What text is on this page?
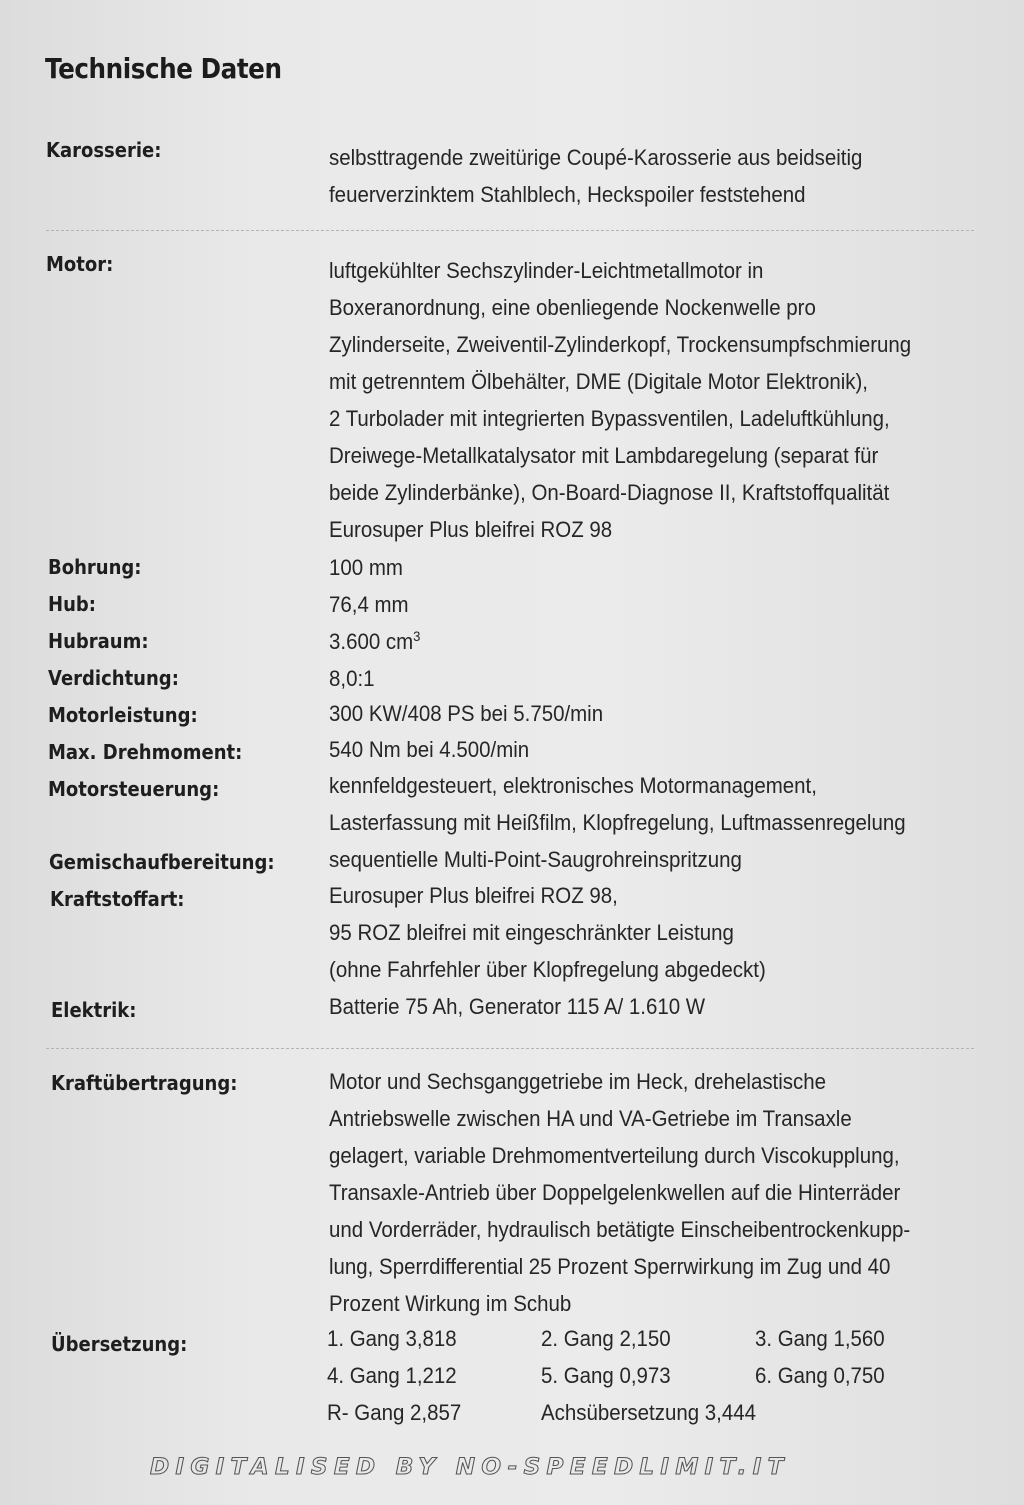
Technische Daten
Karosserie:	selbsttragende zweitürige Coupé-Karosserie aus beidseitig
feuerverzinktem Stahlblech, Heckspoiler feststehend
Motor:	luftgekühlter Sechszylinder-Leichtmetallmotor in
Boxeranordnung, eine obenliegende Nockenwelle pro
Zylinderseite, Zweiventil-Zylinderkopf, Trockensumpfschmierung
mit getrenntem Ölbehälter, DME (Digitale Motor Elektronik),
2 Turbolader mit integrierten Bypassventilen, Ladeluftkühlung,
Dreiwege-Metallkatalysator mit Lambdaregelung (separat für
beide Zylinderbänke), On-Board-Diagnose II, Kraftstoffqualität
Eurosuper Plus bleifrei ROZ 98
Bohrung:	100 mm
Hub:	76,4 mm
Hubraum:	3.600 $cm^3$
Verdichtung:	8,0:1
Motorleistung:	300 KW/408 PS bei 5.750/min
Max. Drehmoment:	540 Nm bei 4.500/min
Motorsteuerung:	kennfeldgesteuert, elektronisches Motormanagement,
Lasterfassung mit Heißfilm, Klopfregelung, Luftmassenregelung
Gemischaufbereitung: sequentielle Multi-Point-Saugrohreinspritzung
Kraftstoffart:	Eurosuper Plus bleifrei ROZ 98,
95 ROZ bleifrei mit eingeschränkter Leistung
(ohne Fahrfehler über Klopfregelung abgedeckt)
Elektrik:	Batterie 75 Ah, Generator 115 A/ 1.610 W
Kraftübertragung:	Motor und Sechsganggetriebe im Heck, drehelastische
Antriebswelle zwischen HA und VA-Getriebe im Transaxle
gelagert, variable Drehmomentverteilung durch Viscokupplung,
Transaxle-Antrieb über Doppelgelenkwellen auf die Hinterräder
und Vorderräder, hydraulisch betätigte Einscheibentrockenkupp-
lung, Sperrdifferential 25 Prozent Sperrwirkung im Zug und 40
Prozent Wirkung im Schub
Übersetzung:	1. Gang 3,818	2. Gang 2,150	3. Gang 1,560
4. Gang 1,212	5. Gang 0,973	6. Gang 0,750
R- Gang 2,857	Achsübersetzung 3,444
DIGITALISED BY NO-SPEEDLIMIT.IT
